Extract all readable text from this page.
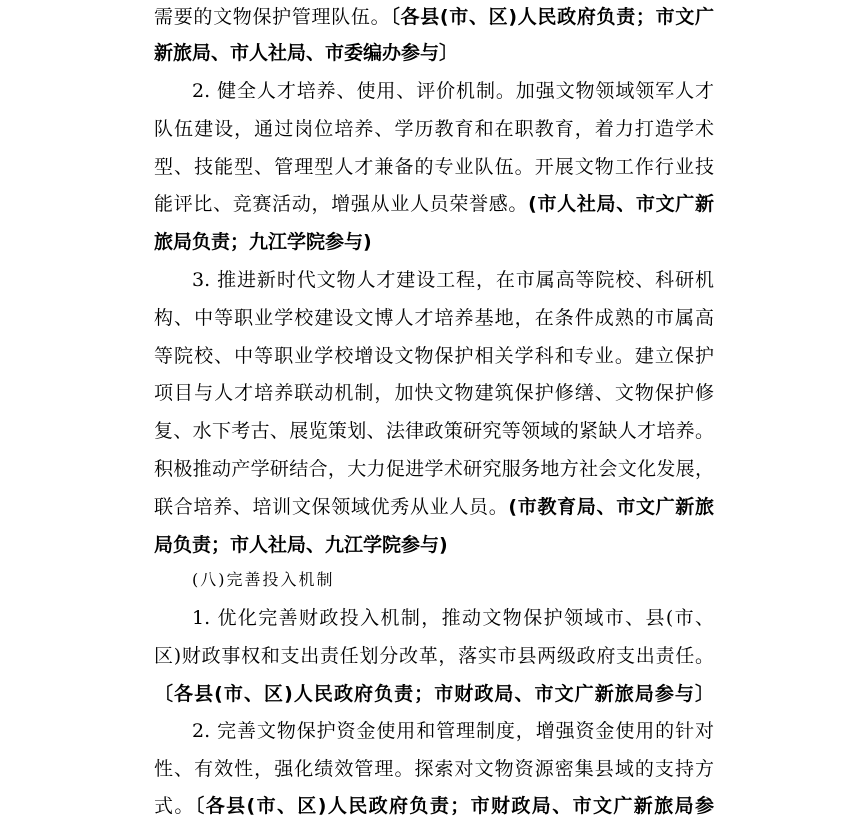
需要的文物保护管理队伍。〔各县(市、区)人民政府负责；市文广
新旅局、市人社局、市委编办参与〕
2. 健全人才培养、使用、评价机制。加强文物领域领军人才
队伍建设，通过岗位培养、学历教育和在职教育，着力打造学术
型、技能型、管理型人才兼备的专业队伍。开展文物工作行业技
能评比、竞赛活动，增强从业人员荣誉感。(市人社局、市文广新
旅局负责；九江学院参与)
3. 推进新时代文物人才建设工程，在市属高等院校、科研机
构、中等职业学校建设文博人才培养基地，在条件成熟的市属高
等院校、中等职业学校增设文物保护相关学科和专业。建立保护
项目与人才培养联动机制，加快文物建筑保护修缮、文物保护修
复、水下考古、展览策划、法律政策研究等领域的紧缺人才培养。
积极推动产学研结合，大力促进学术研究服务地方社会文化发展，
联合培养、培训文保领域优秀从业人员。(市教育局、市文广新旅
局负责；市人社局、九江学院参与)
(八)完善投入机制
1. 优化完善财政投入机制，推动文物保护领域市、县(市、
区)财政事权和支出责任划分改革，落实市县两级政府支出责任。
〔各县(市、区)人民政府负责；市财政局、市文广新旅局参与〕
2. 完善文物保护资金使用和管理制度，增强资金使用的针对
性、有效性，强化绩效管理。探索对文物资源密集县域的支持方
式。〔各县(市、区)人民政府负责；市财政局、市文广新旅局参
